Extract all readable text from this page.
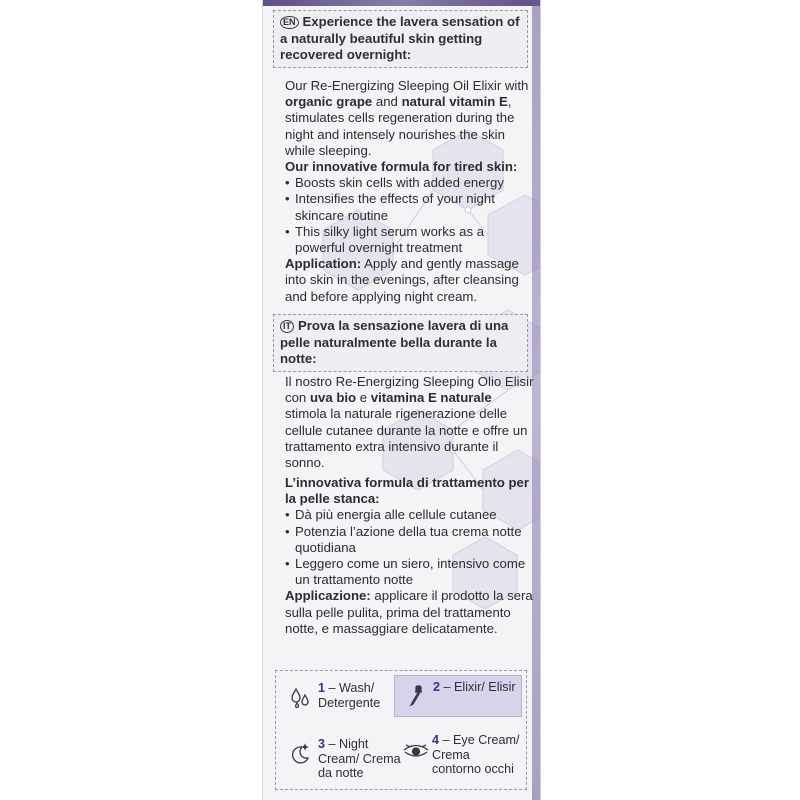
EN Experience the lavera sensation of a naturally beautiful skin getting recovered overnight:
Our Re-Energizing Sleeping Oil Elixir with organic grape and natural vitamin E, stimulates cells regeneration during the night and intensely nourishes the skin while sleeping.
Our innovative formula for tired skin:
• Boosts skin cells with added energy
• Intensifies the effects of your night skincare routine
• This silky light serum works as a powerful overnight treatment
Application: Apply and gently massage into skin in the evenings, after cleansing and before applying night cream.
IT Prova la sensazione lavera di una pelle naturalmente bella durante la notte:
Il nostro Re-Energizing Sleeping Olio Elisir con uva bio e vitamina E naturale stimola la naturale rigenerazione delle cellule cutanee durante la notte e offre un trattamento extra intensivo durante il sonno.
L’innovativa formula di trattamento per la pelle stanca:
• Dà più energia alle cellule cutanee
• Potenzia l’azione della tua crema notte quotidiana
• Leggero come un siero, intensivo come un trattamento notte
Applicazione: applicare il prodotto la sera sulla pelle pulita, prima del trattamento notte, e massaggiare delicatamente.
1 – Wash/ Detergente
2 – Elixir/ Elisir
3 – Night Cream/ Crema da notte
4 – Eye Cream/ Crema contorno occhi
